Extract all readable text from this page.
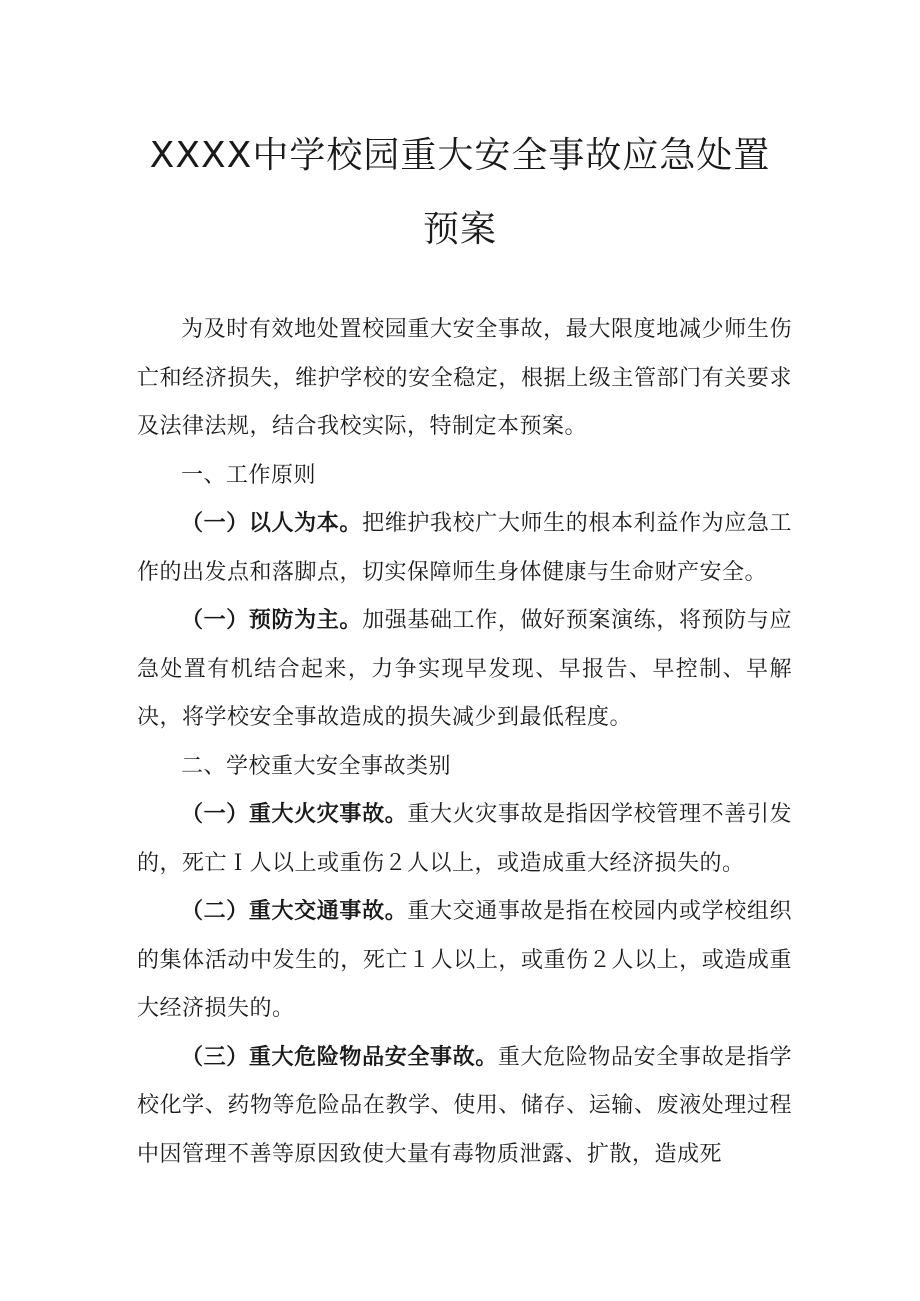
XXXX中学校园重大安全事故应急处置
预案

为及时有效地处置校园重大安全事故，最大限度地减少师生伤亡和经济损失，维护学校的安全稳定，根据上级主管部门有关要求及法律法规，结合我校实际，特制定本预案。

一、工作原则

（一）以人为本。把维护我校广大师生的根本利益作为应急工作的出发点和落脚点，切实保障师生身体健康与生命财产安全。

（一）预防为主。加强基础工作，做好预案演练，将预防与应急处置有机结合起来，力争实现早发现、早报告、早控制、早解决，将学校安全事故造成的损失减少到最低程度。

二、学校重大安全事故类别

（一）重大火灾事故。重大火灾事故是指因学校管理不善引发的，死亡Ｉ人以上或重伤２人以上，或造成重大经济损失的。

（二）重大交通事故。重大交通事故是指在校园内或学校组织的集体活动中发生的，死亡１人以上，或重伤２人以上，或造成重大经济损失的。

（三）重大危险物品安全事故。重大危险物品安全事故是指学校化学、药物等危险品在教学、使用、储存、运输、废液处理过程中因管理不善等原因致使大量有毒物质泄露、扩散，造成死
